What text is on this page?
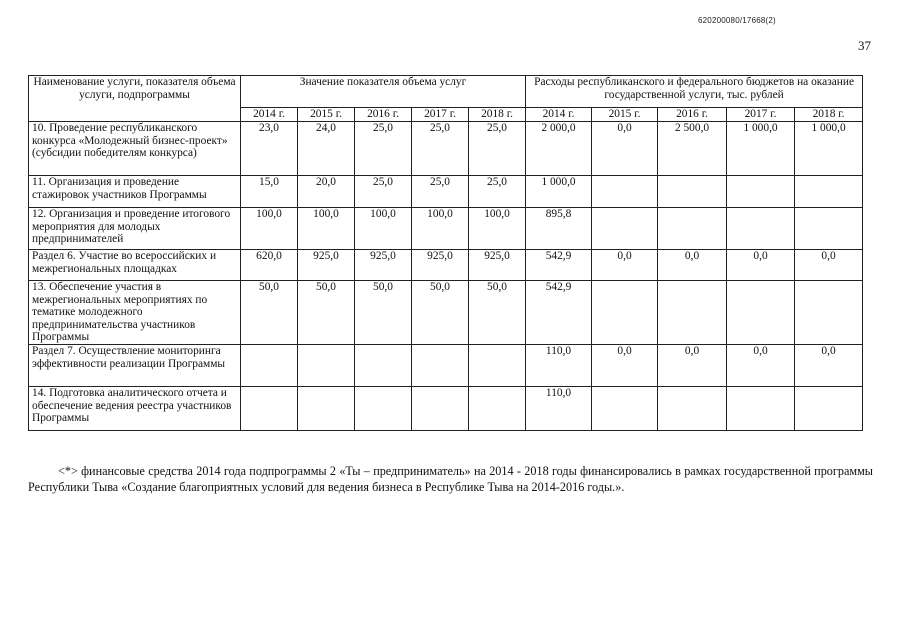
620200080/17668(2)
37
Наименование услуги, показателя объема услуги, подпрограммы	Значение показателя объема услуг					Расходы республиканского и федерального бюджетов на оказание государственной услуги, тыс. рублей				
	2014 г.	2015 г.	2016 г.	2017 г.	2018 г.	2014 г.	2015 г.	2016 г.	2017 г.	2018 г.
10. Проведение республиканского конкурса «Молодежный бизнес-проект» (субсидии победителям конкурса)	23,0	24,0	25,0	25,0	25,0	2 000,0	0,0	2 500,0	1 000,0	1 000,0
11. Организация и проведение стажировок участников Программы	15,0	20,0	25,0	25,0	25,0	1 000,0				
12. Организация и проведение итогового мероприятия для молодых предпринимателей	100,0	100,0	100,0	100,0	100,0	895,8				
Раздел 6. Участие во всероссийских и межрегиональных площадках	620,0	925,0	925,0	925,0	925,0	542,9	0,0	0,0	0,0	0,0
13. Обеспечение участия в межрегиональных мероприятиях по тематике молодежного предпринимательства участников Программы	50,0	50,0	50,0	50,0	50,0	542,9				
Раздел 7. Осуществление мониторинга эффективности реализации Программы						110,0	0,0	0,0	0,0	0,0
14. Подготовка аналитического отчета и обеспечение ведения реестра участников Программы						110,0				
<*> финансовые средства 2014 года подпрограммы 2 «Ты – предприниматель» на 2014 - 2018 годы финансировались в рамках государственной программы Республики Тыва «Создание благоприятных условий для ведения бизнеса в Республике Тыва на 2014-2016 годы.».
